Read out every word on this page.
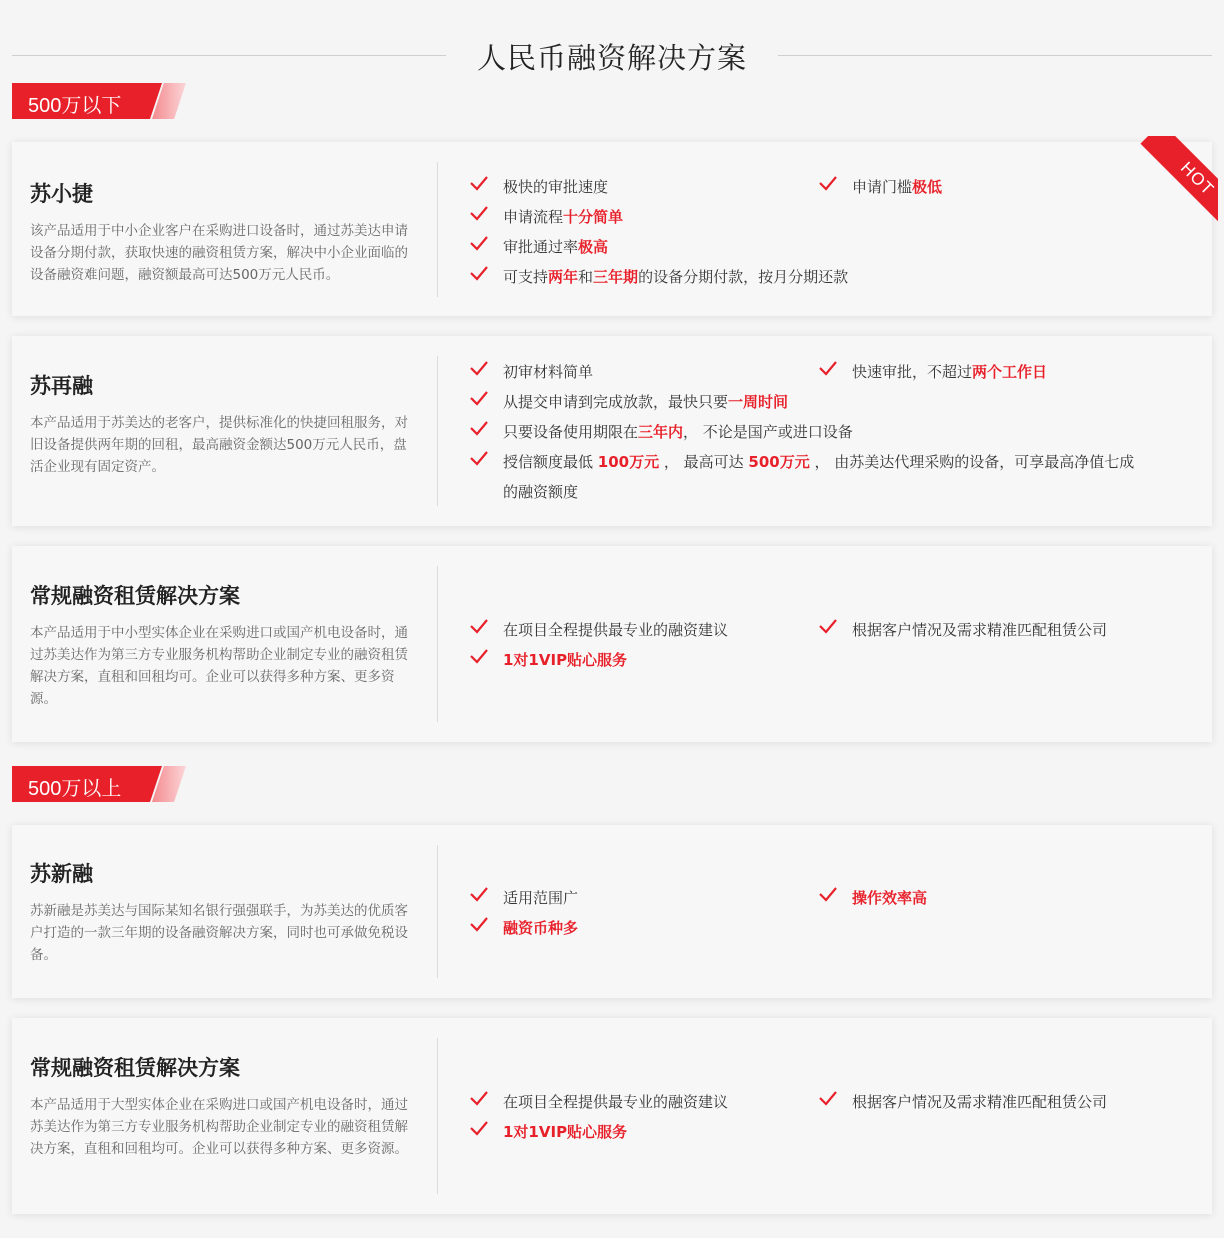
人民币融资解决方案
500万以下
苏小捷
该产品适用于中小企业客户在采购进口设备时，通过苏美达申请设备分期付款，获取快速的融资租赁方案，解决中小企业面临的设备融资难问题，融资额最高可达500万元人民币。
极快的审批速度	申请门槛极低
申请流程十分简单
审批通过率极高
可支持两年和三年期的设备分期付款，按月分期还款
HOT
苏再融
本产品适用于苏美达的老客户，提供标准化的快捷回租服务，对旧设备提供两年期的回租，最高融资金额达500万元人民币，盘活企业现有固定资产。
初审材料简单	快速审批，不超过两个工作日
从提交申请到完成放款，最快只要一周时间
只要设备使用期限在三年内， 不论是国产或进口设备
授信额度最低 100万元 ， 最高可达 500万元 ， 由苏美达代理采购的设备，可享最高净值七成
的融资额度
常规融资租赁解决方案
本产品适用于中小型实体企业在采购进口或国产机电设备时，通过苏美达作为第三方专业服务机构帮助企业制定专业的融资租赁解决方案，直租和回租均可。企业可以获得多种方案、更多资源。
在项目全程提供最专业的融资建议	根据客户情况及需求精准匹配租赁公司
1对1VIP贴心服务
500万以上
苏新融
苏新融是苏美达与国际某知名银行强强联手，为苏美达的优质客户打造的一款三年期的设备融资解决方案，同时也可承做免税设备。
适用范围广	操作效率高
融资币种多
常规融资租赁解决方案
本产品适用于大型实体企业在采购进口或国产机电设备时，通过苏美达作为第三方专业服务机构帮助企业制定专业的融资租赁解决方案，直租和回租均可。企业可以获得多种方案、更多资源。
在项目全程提供最专业的融资建议	根据客户情况及需求精准匹配租赁公司
1对1VIP贴心服务
